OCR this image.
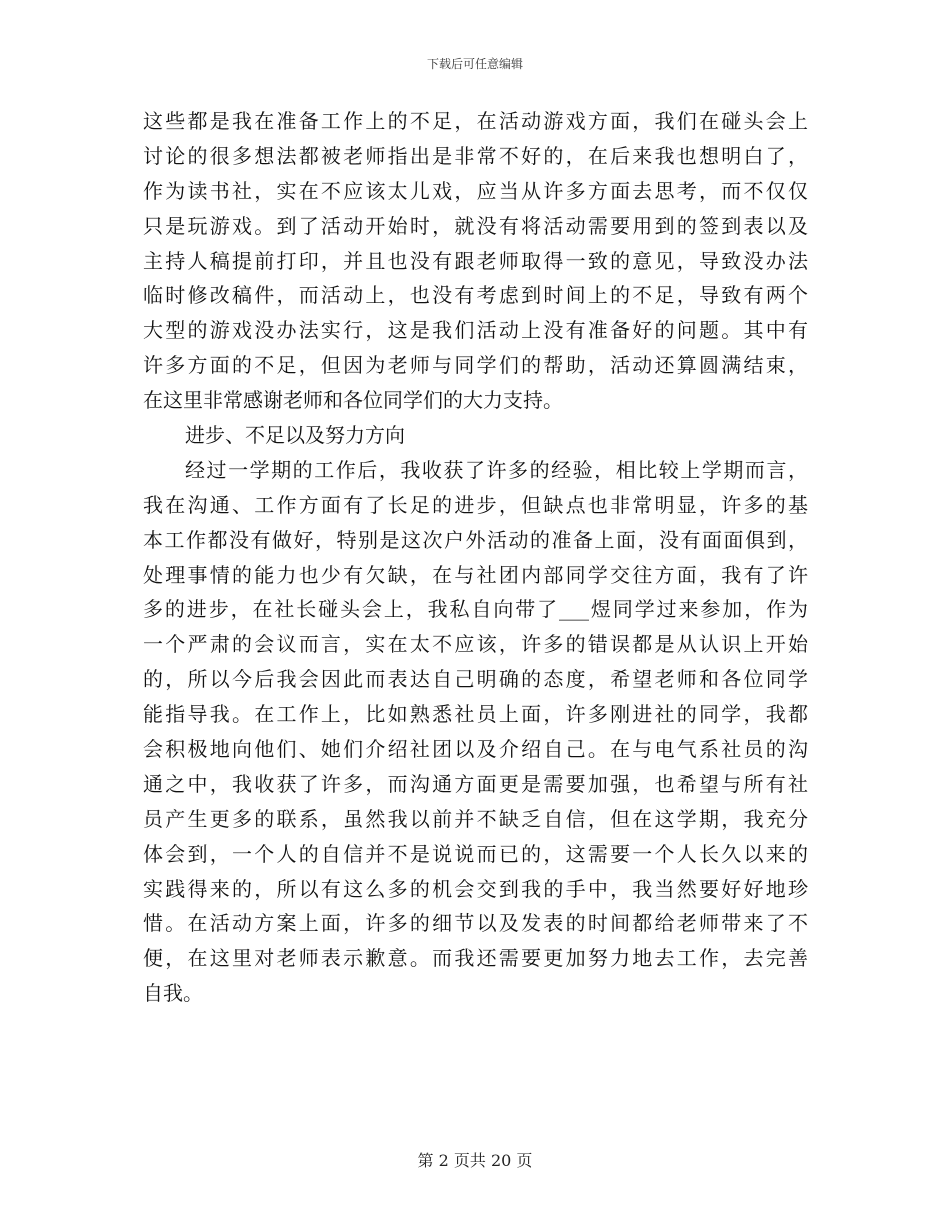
下载后可任意编辑
这些都是我在准备工作上的不足，在活动游戏方面，我们在碰头会上
讨论的很多想法都被老师指出是非常不好的，在后来我也想明白了，
作为读书社，实在不应该太儿戏，应当从许多方面去思考，而不仅仅
只是玩游戏。到了活动开始时，就没有将活动需要用到的签到表以及
主持人稿提前打印，并且也没有跟老师取得一致的意见，导致没办法
临时修改稿件，而活动上，也没有考虑到时间上的不足，导致有两个
大型的游戏没办法实行，这是我们活动上没有准备好的问题。其中有
许多方面的不足，但因为老师与同学们的帮助，活动还算圆满结束，
在这里非常感谢老师和各位同学们的大力支持。
进步、不足以及努力方向
经过一学期的工作后，我收获了许多的经验，相比较上学期而言，
我在沟通、工作方面有了长足的进步，但缺点也非常明显，许多的基
本工作都没有做好，特别是这次户外活动的准备上面，没有面面俱到，
处理事情的能力也少有欠缺，在与社团内部同学交往方面，我有了许
多的进步，在社长碰头会上，我私自向带了___煜同学过来参加，作为
一个严肃的会议而言，实在太不应该，许多的错误都是从认识上开始
的，所以今后我会因此而表达自己明确的态度，希望老师和各位同学
能指导我。在工作上，比如熟悉社员上面，许多刚进社的同学，我都
会积极地向他们、她们介绍社团以及介绍自己。在与电气系社员的沟
通之中，我收获了许多，而沟通方面更是需要加强，也希望与所有社
员产生更多的联系，虽然我以前并不缺乏自信，但在这学期，我充分
体会到，一个人的自信并不是说说而已的，这需要一个人长久以来的
实践得来的，所以有这么多的机会交到我的手中，我当然要好好地珍
惜。在活动方案上面，许多的细节以及发表的时间都给老师带来了不
便，在这里对老师表示歉意。而我还需要更加努力地去工作，去完善
自我。
第 2 页共 20 页
